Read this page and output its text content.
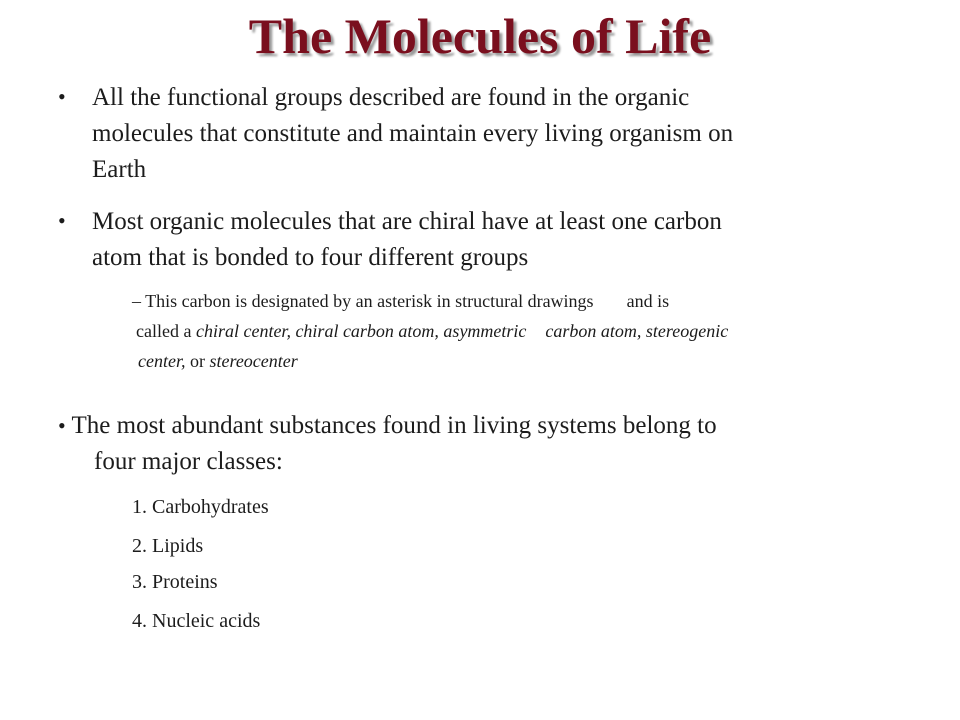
The Molecules of Life
• All the functional groups described are found in the organic
molecules that constitute and maintain every living organism on
Earth
• Most organic molecules that are chiral have at least one carbon
atom that is bonded to four different groups
– This carbon is designated by an asterisk in structural drawings and is
called a chiral center, chiral carbon atom, asymmetric carbon atom, stereogenic
center, or stereocenter
• The most abundant substances found in living systems belong to
four major classes:
1. Carbohydrates
2. Lipids
3. Proteins
4. Nucleic acids
